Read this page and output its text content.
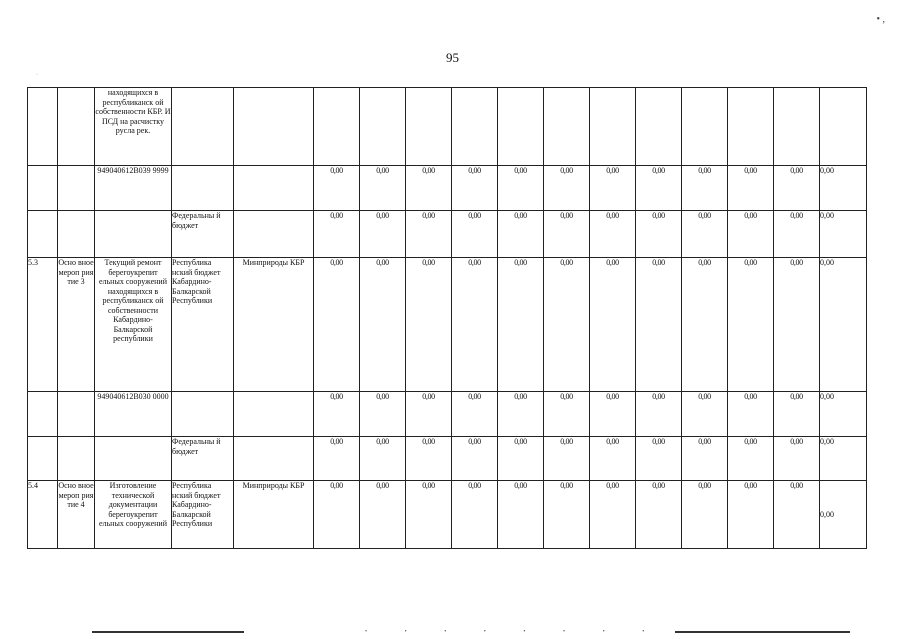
• ,
95
·
		находящихся в республиканск ой собственности КБР. И ПСД на расчистку русла рек.														
		949040612B039 9999			0,00	0,00	0,00	0,00	0,00	0,00	0,00	0,00	0,00	0,00	0,00	0,00
			Федеральны й бюджет		0,00	0,00	0,00	0,00	0,00	0,00	0,00	0,00	0,00	0,00	0,00	0,00
5.3	Осно вное мероп рия тие 3	Текущий ремонт берегоукрепит ельных сооружений находящихся в республиканск ой собственности Кабардино-Балкарской республики	Республика нский бюджет Кабардино-Балкарской Республики	Минприроды КБР	0,00	0,00	0,00	0,00	0,00	0,00	0,00	0,00	0,00	0,00	0,00	0,00
		949040612B030 0000			0,00	0,00	0,00	0,00	0,00	0,00	0,00	0,00	0,00	0,00	0,00	0,00
			Федеральны й бюджет		0,00	0,00	0,00	0,00	0,00	0,00	0,00	0,00	0,00	0,00	0,00	0,00
5.4	Осно вное мероп рия тие 4	Изготовление технической документации берегоукрепит ельных сооружений	Республика нский бюджет Кабардино-Балкарской Республики	Минприроды КБР	0,00	0,00	0,00	0,00	0,00	0,00	0,00	0,00	0,00	0,00	0,00	0,00
• • • • • • • •
